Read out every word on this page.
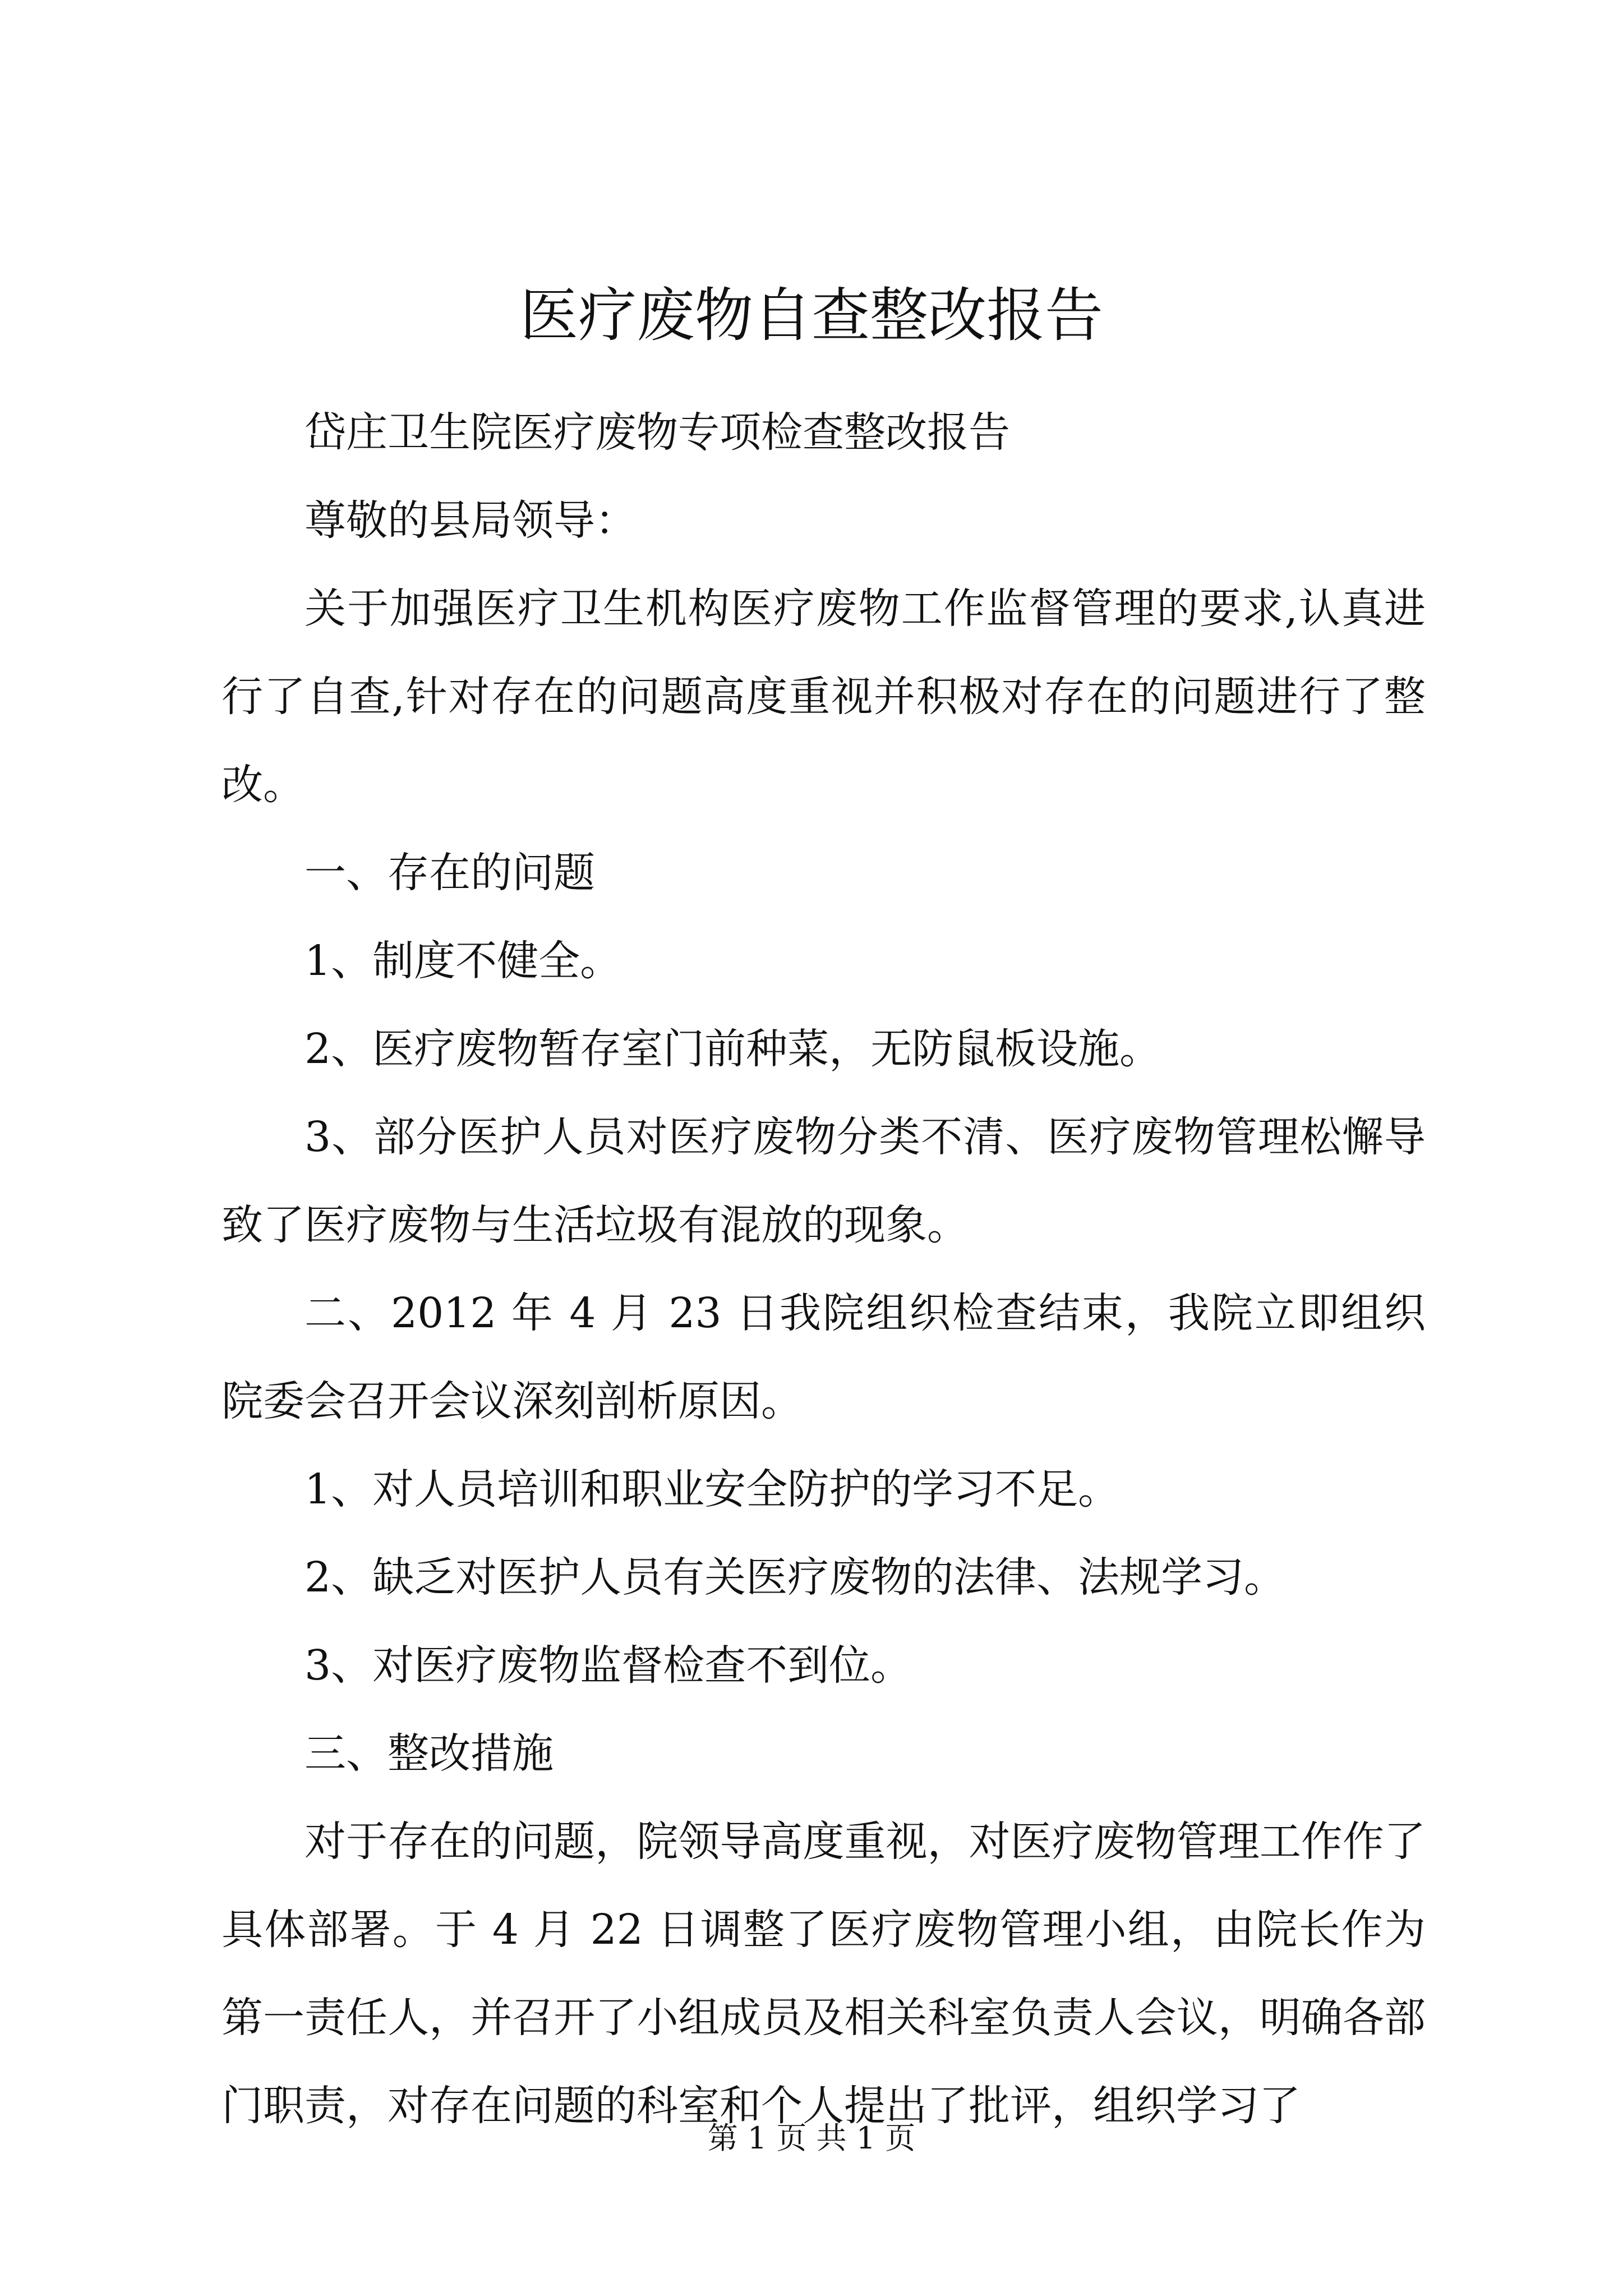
医疗废物自查整改报告

岱庄卫生院医疗废物专项检查整改报告

尊敬的县局领导：

关于加强医疗卫生机构医疗废物工作监督管理的要求,认真进行了自查,针对存在的问题高度重视并积极对存在的问题进行了整改。

一、存在的问题

1、制度不健全。

2、医疗废物暂存室门前种菜，无防鼠板设施。

3、部分医护人员对医疗废物分类不清、医疗废物管理松懈导致了医疗废物与生活垃圾有混放的现象。

二、2012 年 4 月 23 日我院组织检查结束，我院立即组织院委会召开会议深刻剖析原因。

1、对人员培训和职业安全防护的学习不足。

2、缺乏对医护人员有关医疗废物的法律、法规学习。

3、对医疗废物监督检查不到位。

三、整改措施

对于存在的问题，院领导高度重视，对医疗废物管理工作作了具体部署。于 4 月 22 日调整了医疗废物管理小组，由院长作为第一责任人，并召开了小组成员及相关科室负责人会议，明确各部门职责，对存在问题的科室和个人提出了批评，组织学习了

第 1 页 共 1 页
